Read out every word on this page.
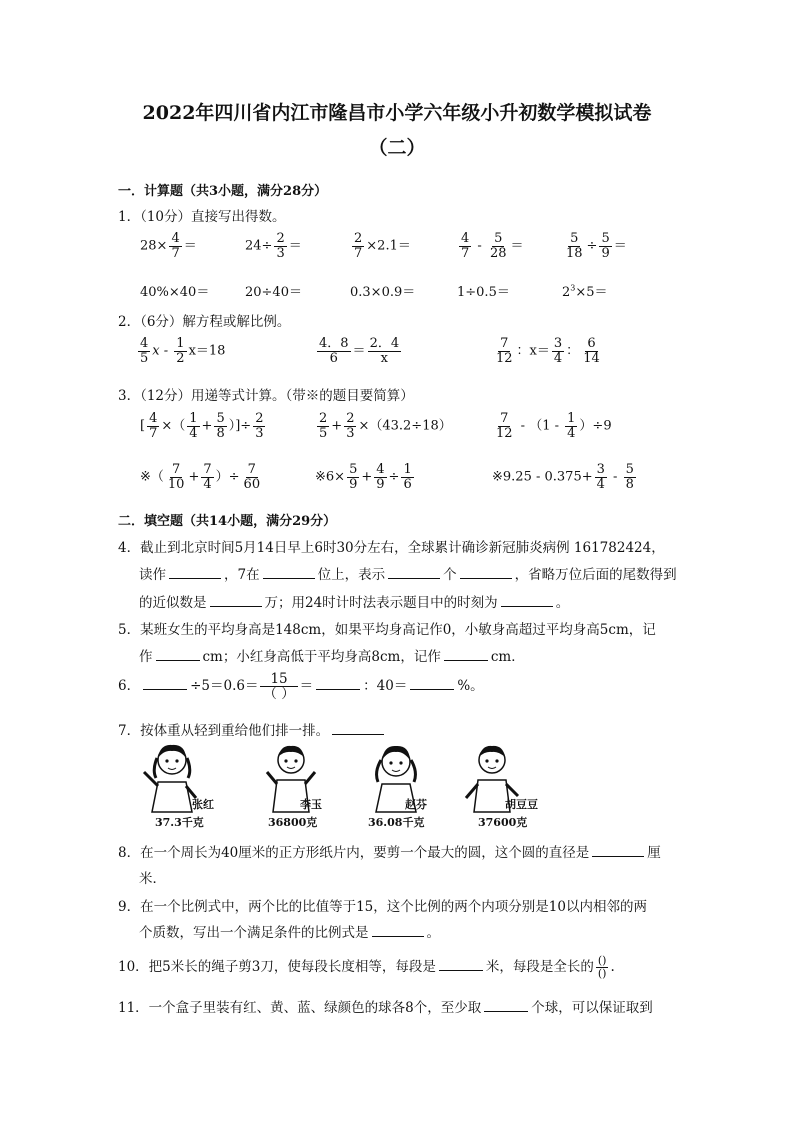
2022年四川省内江市隆昌市小学六年级小升初数学模拟试卷
（二）
一．计算题（共3小题，满分28分）
1．（10分）直接写出得数。
$28\times \frac{4}{7}$ ＝	$24\div \frac{2}{3}$ ＝	$\frac{2}{7} \times 2.1=$	$\frac{4}{7} - \frac{5}{28}$ ＝	$\frac{5}{18} \div \frac{5}{9}$ ＝
40%×40＝	20÷40＝	0.3×0.9＝	1÷0.5＝	$2^3\times 5=$
2．（6分）解方程或解比例。
$\frac{4}{5}$ $x - \frac{1}{2} x=18$	$\frac{4.8}{6} = \frac{2.4}{x}$	$\frac{7}{12}$ ：$x= \frac{3}{4}$ ： $\frac{6}{14}$
3．（12分）用递等式计算。（带※的题目要简算）
[ $\frac{4}{7}$ ×（ $\frac{1}{4} + \frac{5}{8}$ ）]÷ $\frac{2}{3}$	$\frac{2}{5} + \frac{2}{3} \times(43.2\div 18)$	$\frac{7}{12} - (1 - \frac{1}{4} )\div 9$
※（ $\frac{7}{10} + \frac{7}{4}$ ）÷ $\frac{7}{60}$	※6× $\frac{5}{9} + \frac{4}{9} \div \frac{1}{6}$	※9.25 - $0.375+ \frac{3}{4} - \frac{5}{8}$
二．填空题（共14小题，满分29分）
4．截止到北京时间5月14日早上6时30分左右，全球累计确诊新冠肺炎病例 161782424，
读作	，7在	位上，表示	个	，省略万位后面的尾数得到
的近似数是	万；用24时计时法表示题目中的时刻为	。
5．某班女生的平均身高是148cm，如果平均身高记作0，小敏身高超过平均身高5cm，记
作	cm；小红身高低于平均身高8cm，记作	cm．
6．	$\div 5=0.6= \frac{15}{( )}$ ＝	：40＝	%。
7．按体重从轻到重给他们排一排。
张红
37.3千克
李玉
36800克
赵芬
36.08千克
胡豆豆
37600克
8．在一个周长为40厘米的正方形纸片内，要剪一个最大的圆，这个圆的直径是	厘
米．
9．在一个比例式中，两个比的比值等于15，这个比例的两个内项分别是10以内相邻的两
个质数，写出一个满足条件的比例式是	。
10．把5米长的绳子剪3刀，使每段长度相等，每段是	米，每段是全长的 $\frac{()}{()}$ .
11．一个盒子里装有红、黄、蓝、绿颜色的球各8个，至少取	个球，可以保证取到
